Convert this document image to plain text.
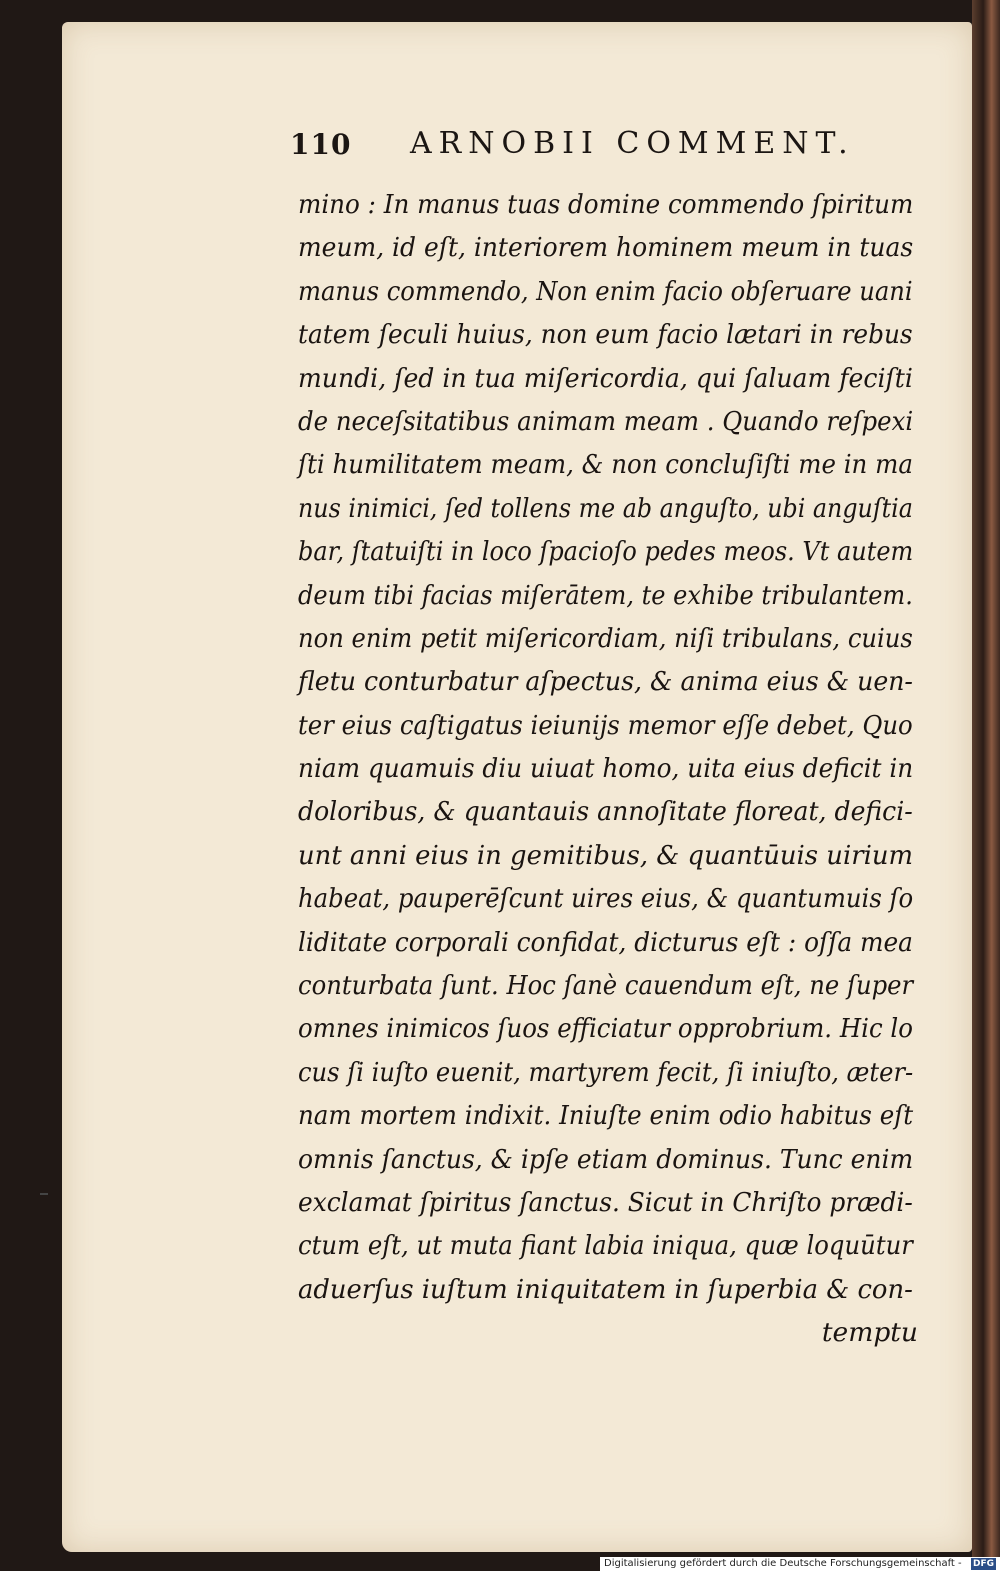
110 ARNOBII COMMENT.
mino : In manus tuas domine commendo ſpiritum
meum, id eſt, interiorem hominem meum in tuas
manus commendo, Non enim facio obſeruare uani
tatem ſeculi huius, non eum facio lætari in rebus
mundi, ſed in tua miſericordia, qui ſaluam feciſti
de neceſsitatibus animam meam . Quando reſpexi
ſti humilitatem meam, & non concluſiſti me in ma
nus inimici, ſed tollens me ab anguſto, ubi anguſtia
bar, ſtatuiſti in loco ſpacioſo pedes meos. Vt autem
deum tibi facias miſerātem, te exhibe tribulantem.
non enim petit miſericordiam, niſi tribulans, cuius
fletu conturbatur aſpectus, & anima eius & uen-
ter eius caſtigatus ieiunijs memor eſſe debet, Quo
niam quamuis diu uiuat homo, uita eius deficit in
doloribus, & quantauis annoſitate floreat, defici-
unt anni eius in gemitibus, & quantūuis uirium
habeat, pauperēſcunt uires eius, & quantumuis ſo
liditate corporali confidat, dicturus eſt : oſſa mea
conturbata ſunt. Hoc ſanè cauendum eſt, ne ſuper
omnes inimicos ſuos efficiatur opprobrium. Hic lo
cus ſi iuſto euenit, martyrem fecit, ſi iniuſto, æter-
nam mortem indixit. Iniuſte enim odio habitus eſt
omnis ſanctus, & ipſe etiam dominus. Tunc enim
exclamat ſpiritus ſanctus. Sicut in Chriſto prædi-
ctum eſt, ut muta fiant labia iniqua, quæ loquūtur
aduerſus iuſtum iniquitatem in ſuperbia & con-
temptu
Digitalisierung gefördert durch die Deutsche Forschungsgemeinschaft - DFG
